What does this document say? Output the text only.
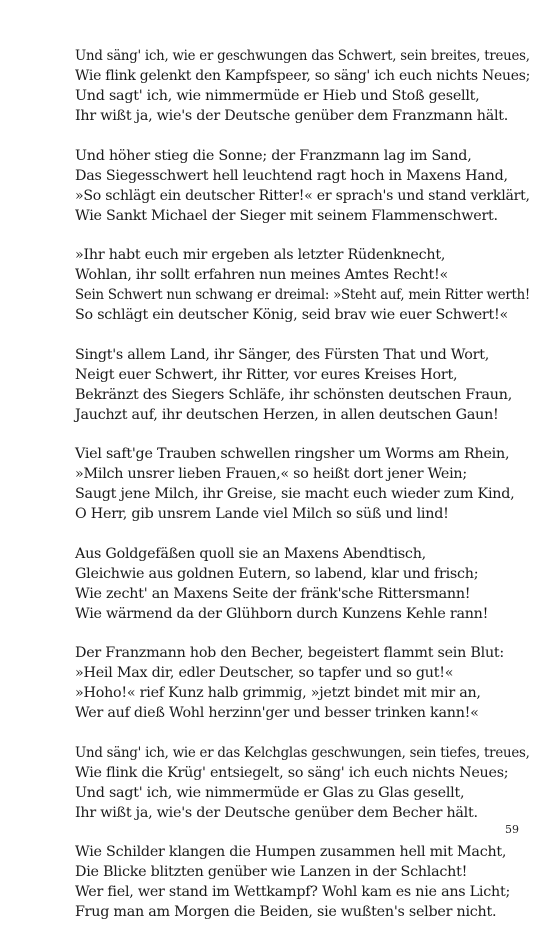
Und säng' ich, wie er geschwungen das Schwert, sein breites, treues,
Wie flink gelenkt den Kampfspeer, so säng' ich euch nichts Neues;
Und sagt' ich, wie nimmermüde er Hieb und Stoß gesellt,
Ihr wißt ja, wie's der Deutsche genüber dem Franzmann hält.
Und höher stieg die Sonne; der Franzmann lag im Sand,
Das Siegesschwert hell leuchtend ragt hoch in Maxens Hand,
»So schlägt ein deutscher Ritter!« er sprach's und stand verklärt,
Wie Sankt Michael der Sieger mit seinem Flammenschwert.
»Ihr habt euch mir ergeben als letzter Rüdenknecht,
Wohlan, ihr sollt erfahren nun meines Amtes Recht!«
Sein Schwert nun schwang er dreimal: »Steht auf, mein Ritter werth!
So schlägt ein deutscher König, seid brav wie euer Schwert!«
Singt's allem Land, ihr Sänger, des Fürsten That und Wort,
Neigt euer Schwert, ihr Ritter, vor eures Kreises Hort,
Bekränzt des Siegers Schläfe, ihr schönsten deutschen Fraun,
Jauchzt auf, ihr deutschen Herzen, in allen deutschen Gaun!
Viel saft'ge Trauben schwellen ringsher um Worms am Rhein,
»Milch unsrer lieben Frauen,« so heißt dort jener Wein;
Saugt jene Milch, ihr Greise, sie macht euch wieder zum Kind,
O Herr, gib unsrem Lande viel Milch so süß und lind!
Aus Goldgefäßen quoll sie an Maxens Abendtisch,
Gleichwie aus goldnen Eutern, so labend, klar und frisch;
Wie zecht' an Maxens Seite der fränk'sche Rittersmann!
Wie wärmend da der Glühborn durch Kunzens Kehle rann!
Der Franzmann hob den Becher, begeistert flammt sein Blut:
»Heil Max dir, edler Deutscher, so tapfer und so gut!«
»Hoho!« rief Kunz halb grimmig, »jetzt bindet mit mir an,
Wer auf dieß Wohl herzinn'ger und besser trinken kann!«
Und säng' ich, wie er das Kelchglas geschwungen, sein tiefes, treues,
Wie flink die Krüg' entsiegelt, so säng' ich euch nichts Neues;
Und sagt' ich, wie nimmermüde er Glas zu Glas gesellt,
Ihr wißt ja, wie's der Deutsche genüber dem Becher hält.
Wie Schilder klangen die Humpen zusammen hell mit Macht,
Die Blicke blitzten genüber wie Lanzen in der Schlacht!
Wer fiel, wer stand im Wettkampf? Wohl kam es nie ans Licht;
Frug man am Morgen die Beiden, sie wußten's selber nicht.
59
